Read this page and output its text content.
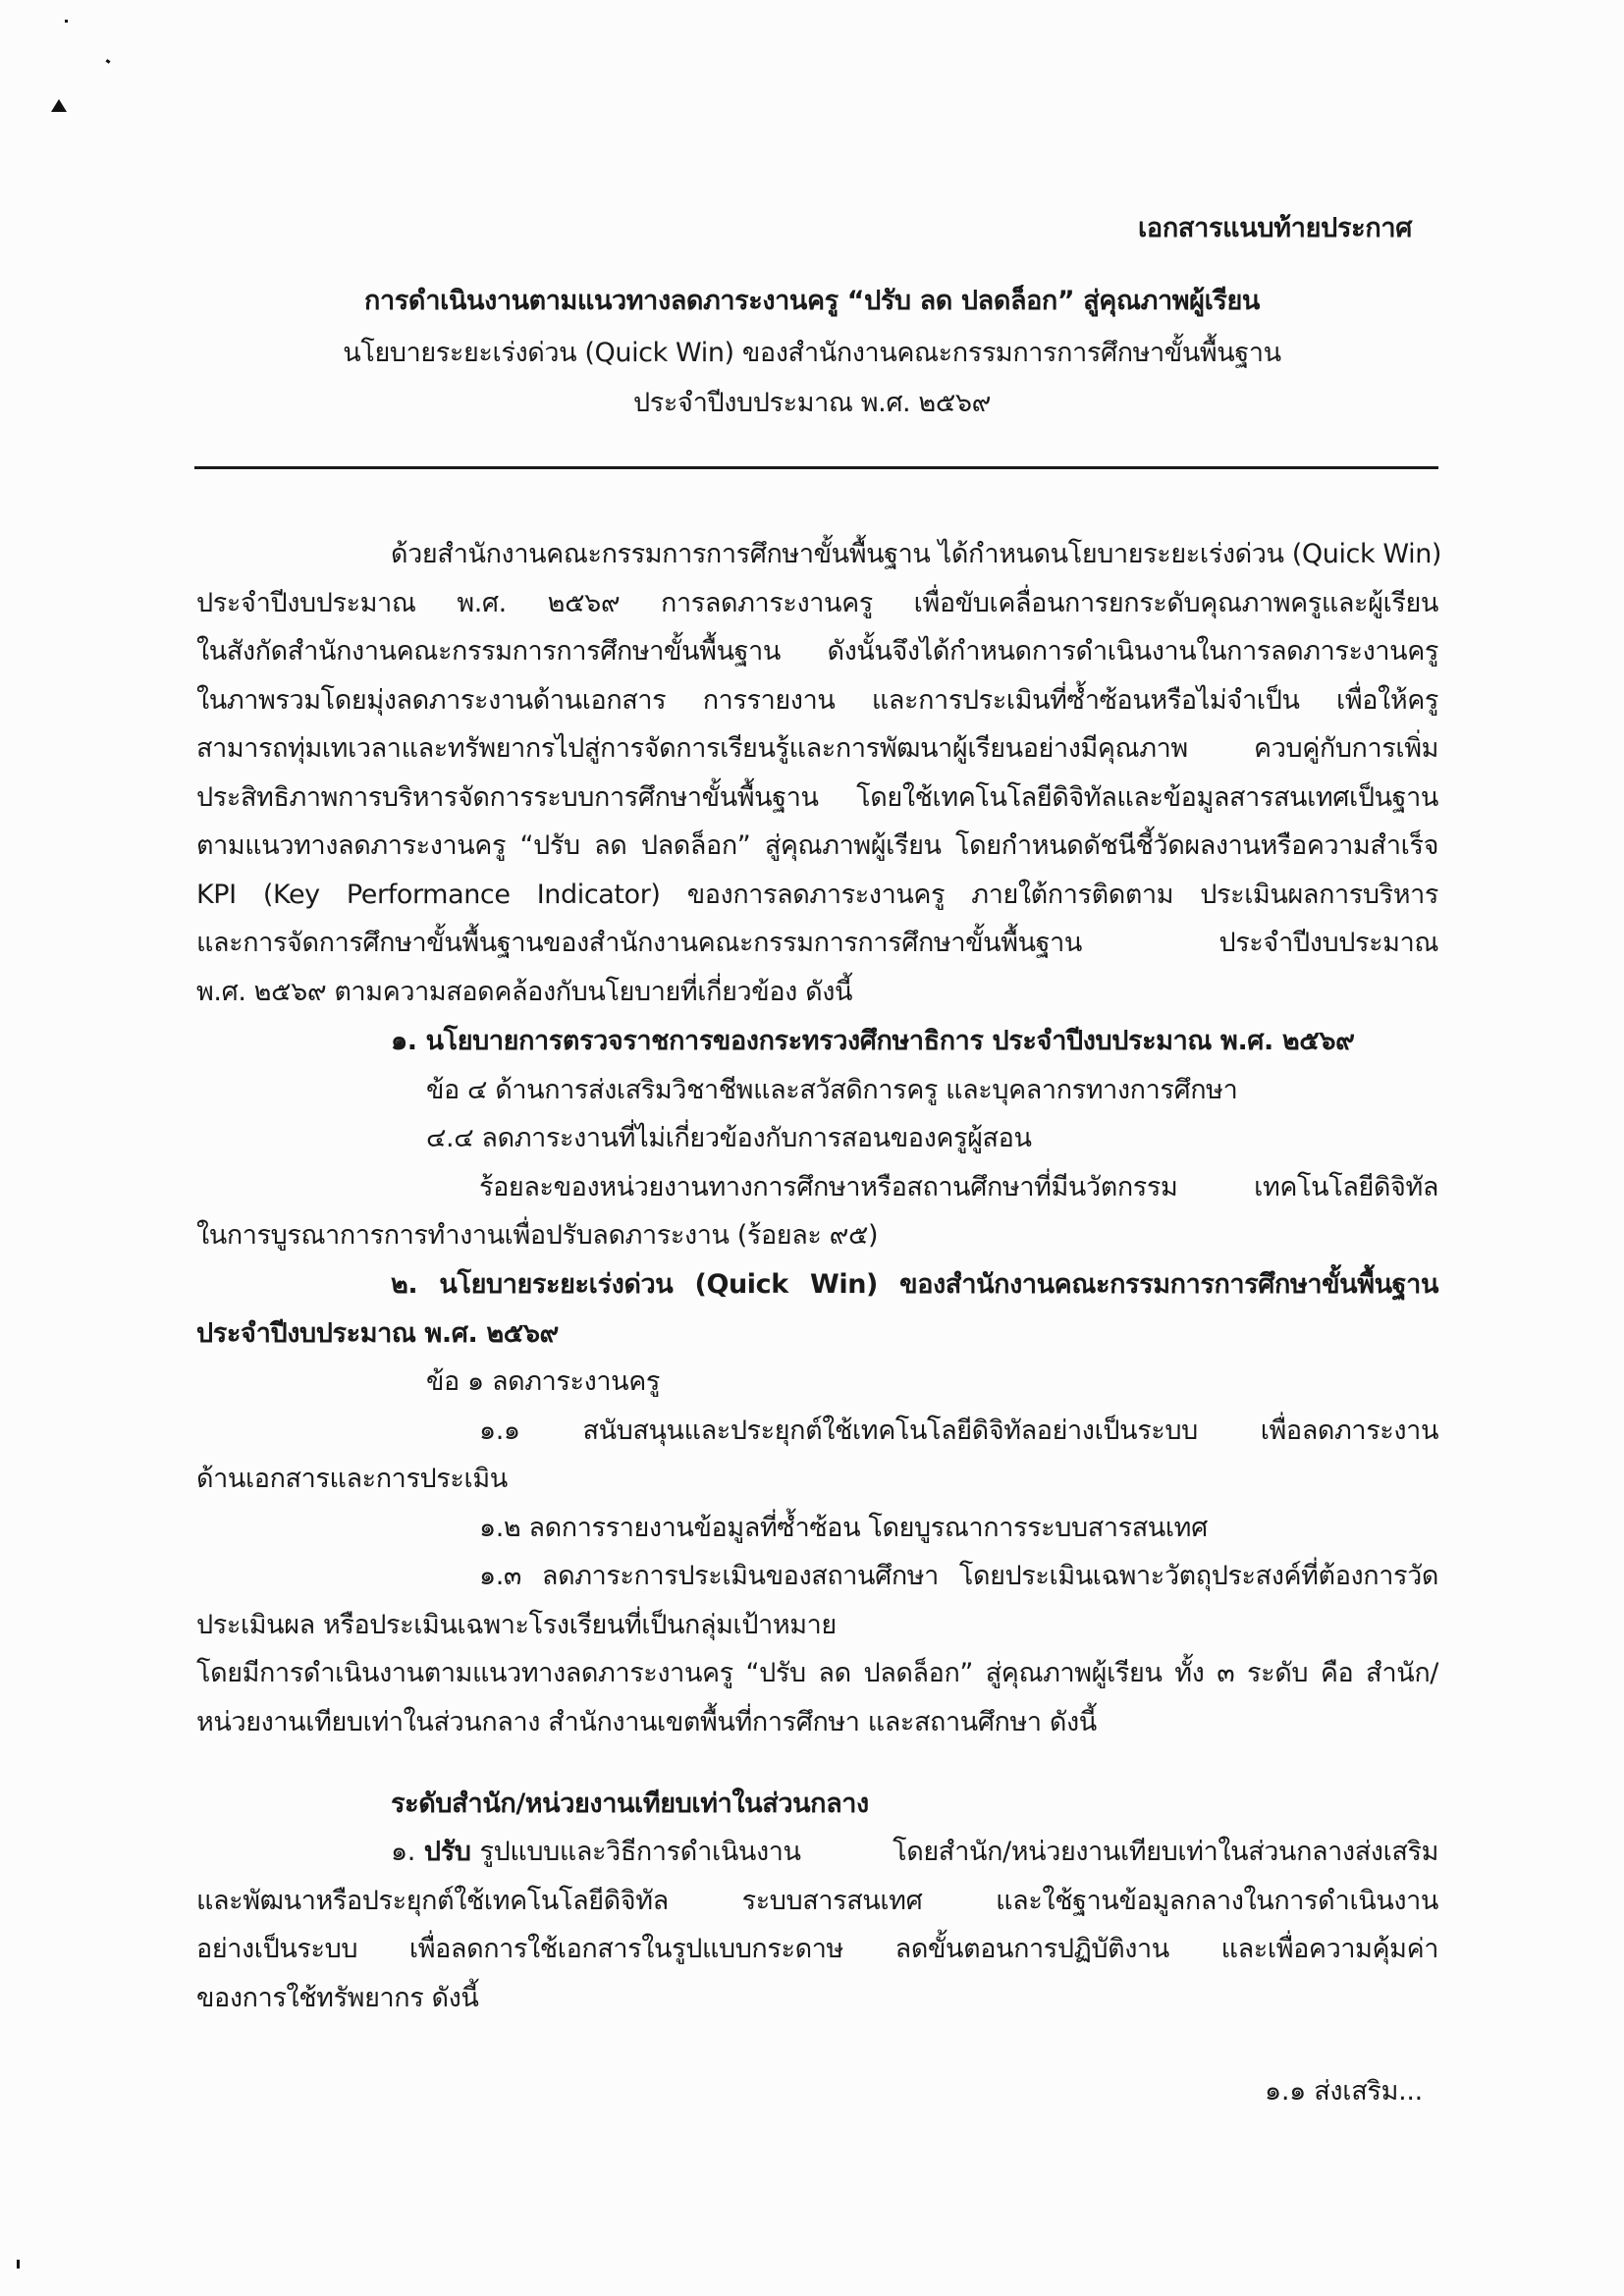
เอกสารแนบท้ายประกาศ
การดำเนินงานตามแนวทางลดภาระงานครู “ปรับ ลด ปลดล็อก” สู่คุณภาพผู้เรียน
นโยบายระยะเร่งด่วน (Quick Win) ของสำนักงานคณะกรรมการการศึกษาขั้นพื้นฐาน
ประจำปีงบประมาณ พ.ศ. ๒๕๖๙
ด้วยสำนักงานคณะกรรมการการศึกษาขั้นพื้นฐาน ได้กำหนดนโยบายระยะเร่งด่วน (Quick Win)
ประจำปีงบประมาณ พ.ศ. ๒๕๖๙ การลดภาระงานครู เพื่อขับเคลื่อนการยกระดับคุณภาพครูและผู้เรียน
ในสังกัดสำนักงานคณะกรรมการการศึกษาขั้นพื้นฐาน ดังนั้นจึงได้กำหนดการดำเนินงานในการลดภาระงานครู
ในภาพรวมโดยมุ่งลดภาระงานด้านเอกสาร การรายงาน และการประเมินที่ซ้ำซ้อนหรือไม่จำเป็น เพื่อให้ครู
สามารถทุ่มเทเวลาและทรัพยากรไปสู่การจัดการเรียนรู้และการพัฒนาผู้เรียนอย่างมีคุณภาพ ควบคู่กับการเพิ่ม
ประสิทธิภาพการบริหารจัดการระบบการศึกษาขั้นพื้นฐาน โดยใช้เทคโนโลยีดิจิทัลและข้อมูลสารสนเทศเป็นฐาน
ตามแนวทางลดภาระงานครู “ปรับ ลด ปลดล็อก” สู่คุณภาพผู้เรียน โดยกำหนดดัชนีชี้วัดผลงานหรือความสำเร็จ
KPI (Key Performance Indicator) ของการลดภาระงานครู ภายใต้การติดตาม ประเมินผลการบริหาร
และการจัดการศึกษาขั้นพื้นฐานของสำนักงานคณะกรรมการการศึกษาขั้นพื้นฐาน ประจำปีงบประมาณ
พ.ศ. ๒๕๖๙ ตามความสอดคล้องกับนโยบายที่เกี่ยวข้อง ดังนี้
๑. นโยบายการตรวจราชการของกระทรวงศึกษาธิการ ประจำปีงบประมาณ พ.ศ. ๒๕๖๙
ข้อ ๔ ด้านการส่งเสริมวิชาชีพและสวัสดิการครู และบุคลากรทางการศึกษา
๔.๔ ลดภาระงานที่ไม่เกี่ยวข้องกับการสอนของครูผู้สอน
ร้อยละของหน่วยงานทางการศึกษาหรือสถานศึกษาที่มีนวัตกรรม เทคโนโลยีดิจิทัล
ในการบูรณาการการทำงานเพื่อปรับลดภาระงาน (ร้อยละ ๙๕)
๒. นโยบายระยะเร่งด่วน (Quick Win) ของสำนักงานคณะกรรมการการศึกษาขั้นพื้นฐาน
ประจำปีงบประมาณ พ.ศ. ๒๕๖๙
ข้อ ๑ ลดภาระงานครู
๑.๑ สนับสนุนและประยุกต์ใช้เทคโนโลยีดิจิทัลอย่างเป็นระบบ เพื่อลดภาระงาน
ด้านเอกสารและการประเมิน
๑.๒ ลดการรายงานข้อมูลที่ซ้ำซ้อน โดยบูรณาการระบบสารสนเทศ
๑.๓ ลดภาระการประเมินของสถานศึกษา โดยประเมินเฉพาะวัตถุประสงค์ที่ต้องการวัด
ประเมินผล หรือประเมินเฉพาะโรงเรียนที่เป็นกลุ่มเป้าหมาย
โดยมีการดำเนินงานตามแนวทางลดภาระงานครู “ปรับ ลด ปลดล็อก” สู่คุณภาพผู้เรียน ทั้ง ๓ ระดับ คือ สำนัก/
หน่วยงานเทียบเท่าในส่วนกลาง สำนักงานเขตพื้นที่การศึกษา และสถานศึกษา ดังนี้
ระดับสำนัก/หน่วยงานเทียบเท่าในส่วนกลาง
๑. ปรับ รูปแบบและวิธีการดำเนินงาน โดยสำนัก/หน่วยงานเทียบเท่าในส่วนกลางส่งเสริม
และพัฒนาหรือประยุกต์ใช้เทคโนโลยีดิจิทัล ระบบสารสนเทศ และใช้ฐานข้อมูลกลางในการดำเนินงาน
อย่างเป็นระบบ เพื่อลดการใช้เอกสารในรูปแบบกระดาษ ลดขั้นตอนการปฏิบัติงาน และเพื่อความคุ้มค่า
ของการใช้ทรัพยากร ดังนี้
๑.๑ ส่งเสริม...
